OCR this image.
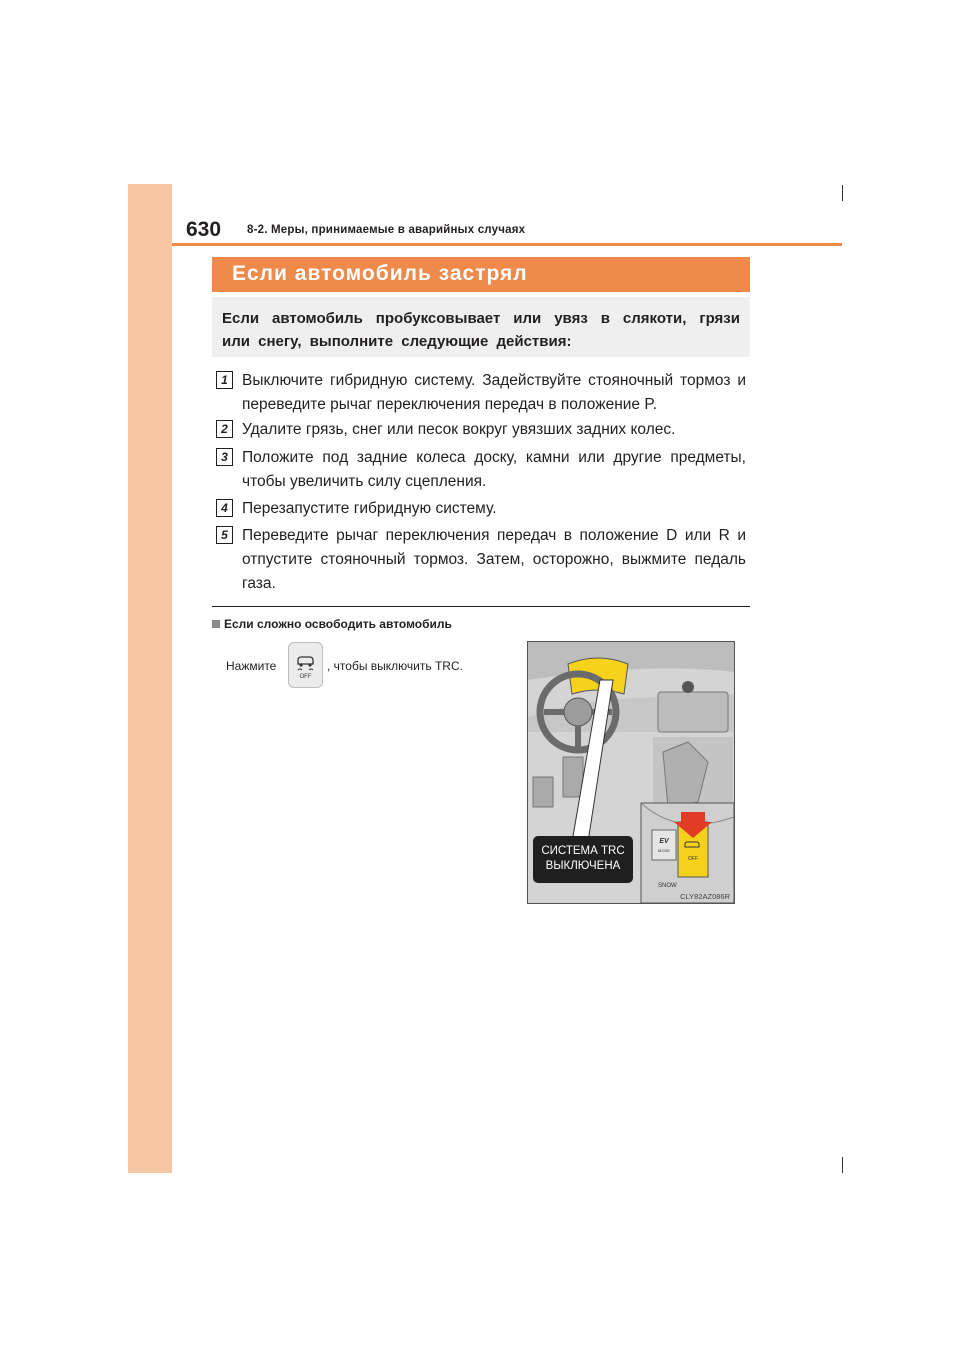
630 8-2. Меры, принимаемые в аварийных случаях
Если автомобиль застрял
Если автомобиль пробуксовывает или увяз в слякоти, грязи или снегу, выполните следующие действия:
1 Выключите гибридную систему. Задействуйте стояночный тормоз и переведите рычаг переключения передач в положение P.
2 Удалите грязь, снег или песок вокруг увязших задних колес.
3 Положите под задние колеса доску, камни или другие предметы, чтобы увеличить силу сцепления.
4 Перезапустите гибридную систему.
5 Переведите рычаг переключения передач в положение D или R и отпустите стояночный тормоз. Затем, осторожно, выжмите педаль газа.
Если сложно освободить автомобиль
Нажмите
OFF
, чтобы выключить TRC.
EV
MODE
OFF
SNOW
СИСТЕМА TRC
ВЫКЛЮЧЕНА
CLY82AZ086R
